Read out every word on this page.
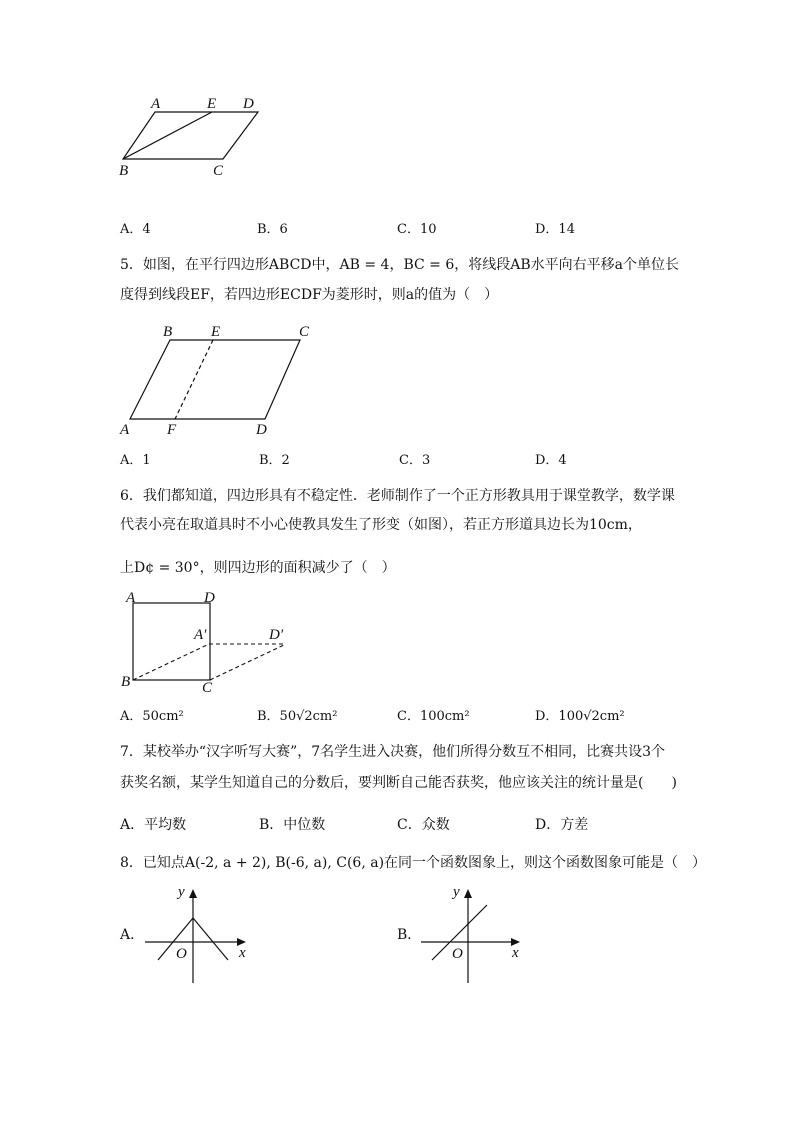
A	E D
B	C
A．4	B．6	C．10	D．14
5．如图，在平行四边形ABCD中，AB = 4，BC = 6，将线段AB水平向右平移a个单位长
度得到线段EF，若四边形ECDF为菱形时，则a的值为（　）
B	E	C
A	F	D
A．1	B．2	C．3	D．4
6．我们都知道，四边形具有不稳定性．老师制作了一个正方形教具用于课堂教学，数学课
代表小亮在取道具时不小心使教具发生了形变（如图），若正方形道具边长为10cm，
上D¢ = 30°，则四边形的面积减少了（　）
A	D
A′	D′
B	C
A．50cm²	B．50√2cm²	C．100cm²	D．100√2cm²
7．某校举办“汉字听写大赛”，7名学生进入决赛，他们所得分数互不相同，比赛共设3个
获奖名额，某学生知道自己的分数后，要判断自己能否获奖，他应该关注的统计量是(　　)
A．平均数	B．中位数	C．众数	D．方差
8．已知点A(-2, a + 2), B(-6, a), C(6, a)在同一个函数图象上，则这个函数图象可能是（　）
A．
y
x
O
B．
y
x
O
